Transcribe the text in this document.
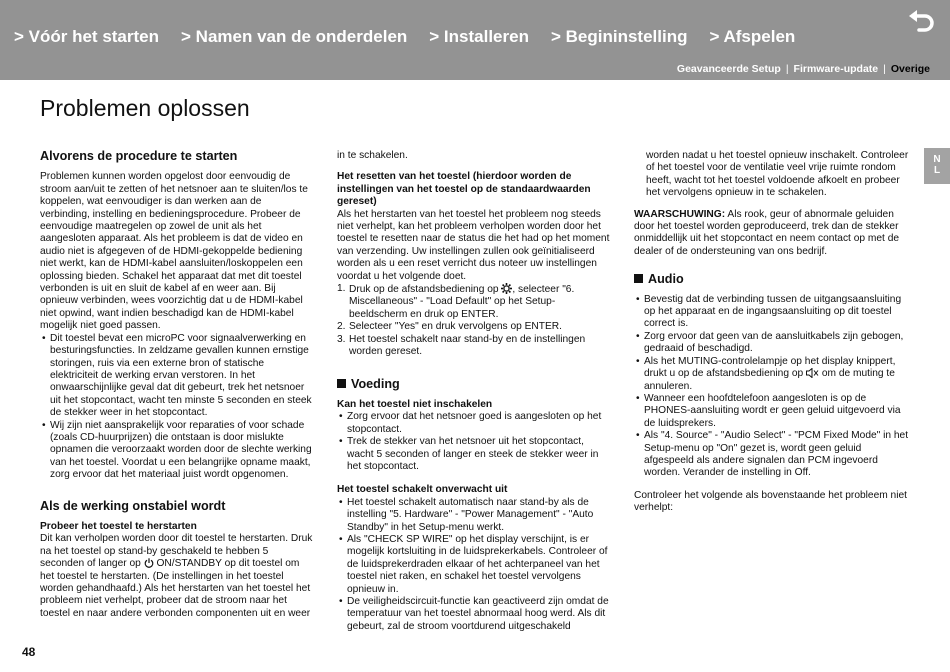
> Vóór het starten > Namen van de onderdelen > Installeren > Begininstelling > Afspelen
Geavanceerde Setup | Firmware-update | Overige
Problemen oplossen
Alvorens de procedure te starten

Problemen kunnen worden opgelost door eenvoudig de stroom aan/uit te zetten of het netsnoer aan te sluiten/los te koppelen, wat eenvoudiger is dan werken aan de verbinding, instelling en bedieningsprocedure. Probeer de eenvoudige maatregelen op zowel de unit als het aangesloten apparaat. Als het probleem is dat de video en audio niet is afgegeven of de HDMI-gekoppelde bediening niet werkt, kan de HDMI-kabel aansluiten/loskoppelen een oplossing bieden. Schakel het apparaat dat met dit toestel verbonden is uit en sluit de kabel af en weer aan. Bij opnieuw verbinden, wees voorzichtig dat u de HDMI-kabel niet opwind, want indien beschadigd kan de HDMI-kabel mogelijk niet goed passen.

• Dit toestel bevat een microPC voor signaalverwerking en besturingsfuncties. In zeldzame gevallen kunnen ernstige storingen, ruis via een externe bron of statische elektriciteit de werking ervan verstoren. In het onwaarschijnlijke geval dat dit gebeurt, trek het netsnoer uit het stopcontact, wacht ten minste 5 seconden en steek de stekker weer in het stopcontact.
• Wij zijn niet aansprakelijk voor reparaties of voor schade (zoals CD-huurprijzen) die ontstaan is door mislukte opnamen die veroorzaakt worden door de slechte werking van het toestel. Voordat u een belangrijke opname maakt, zorg ervoor dat het materiaal juist wordt opgenomen.
Als de werking onstabiel wordt
Probeer het toestel te herstarten

Dit kan verholpen worden door dit toestel te herstarten. Druk na het toestel op stand-by geschakeld te hebben 5 seconden of langer op  ON/STANDBY op dit toestel om het toestel te herstarten. (De instellingen in het toestel worden gehandhaafd.) Als het herstarten van het toestel het probleem niet verhelpt, probeer dat de stroom naar het toestel en naar andere verbonden componenten uit en weer

in te schakelen.

Het resetten van het toestel (hierdoor worden de instellingen van het toestel op de standaardwaarden gereset)

Als het herstarten van het toestel het probleem nog steeds niet verhelpt, kan het probleem verholpen worden door het toestel te resetten naar de status die het had op het moment van verzending. Uw instellingen zullen ook geïnitialiseerd worden als u een reset verricht dus noteer uw instellingen voordat u het volgende doet.

1. Druk op de afstandsbediening op , selecteer "6. Miscellaneous" - "Load Default" op het Setup-beeldscherm en druk op ENTER.
2. Selecteer "Yes" en druk vervolgens op ENTER.
3. Het toestel schakelt naar stand-by en de instellingen worden gereset.
Voeding
Kan het toestel niet inschakelen
• Zorg ervoor dat het netsnoer goed is aangesloten op het stopcontact.
• Trek de stekker van het netsnoer uit het stopcontact, wacht 5 seconden of langer en steek de stekker weer in het stopcontact.
Het toestel schakelt onverwacht uit
• Het toestel schakelt automatisch naar stand-by als de instelling "5. Hardware" - "Power Management" - "Auto Standby" in het Setup-menu werkt.
• Als "CHECK SP WIRE" op het display verschijnt, is er mogelijk kortsluiting in de luidsprekerkabels. Controleer of de luidsprekerdraden elkaar of het achterpaneel van het toestel niet raken, en schakel het toestel vervolgens opnieuw in.
• De veiligheidscircuit-functie kan geactiveerd zijn omdat de temperatuur van het toestel abnormaal hoog werd. Als dit gebeurt, zal de stroom voortdurend uitgeschakeld

worden nadat u het toestel opnieuw inschakelt. Controleer of het toestel voor de ventilatie veel vrije ruimte rondom heeft, wacht tot het toestel voldoende afkoelt en probeer het vervolgens opnieuw in te schakelen.

WAARSCHUWING: Als rook, geur of abnormale geluiden door het toestel worden geproduceerd, trek dan de stekker onmiddellijk uit het stopcontact en neem contact op met de dealer of de ondersteuning van ons bedrijf.

Audio
• Bevestig dat de verbinding tussen de uitgangsaansluiting op het apparaat en de ingangsaansluiting op dit toestel correct is.
• Zorg ervoor dat geen van de aansluitkabels zijn gebogen, gedraaid of beschadigd.
• Als het MUTING-controlelampje op het display knippert, drukt u op de afstandsbediening op  om de muting te annuleren.
• Wanneer een hoofdtelefoon aangesloten is op de PHONES-aansluiting wordt er geen geluid uitgevoerd via de luidsprekers.
• Als "4. Source" - "Audio Select" - "PCM Fixed Mode" in het Setup-menu op "On" gezet is, wordt geen geluid afgespeeld als andere signalen dan PCM ingevoerd worden. Verander de instelling in Off.

Controleer het volgende als bovenstaande het probleem niet verhelpt:

N
L
48
